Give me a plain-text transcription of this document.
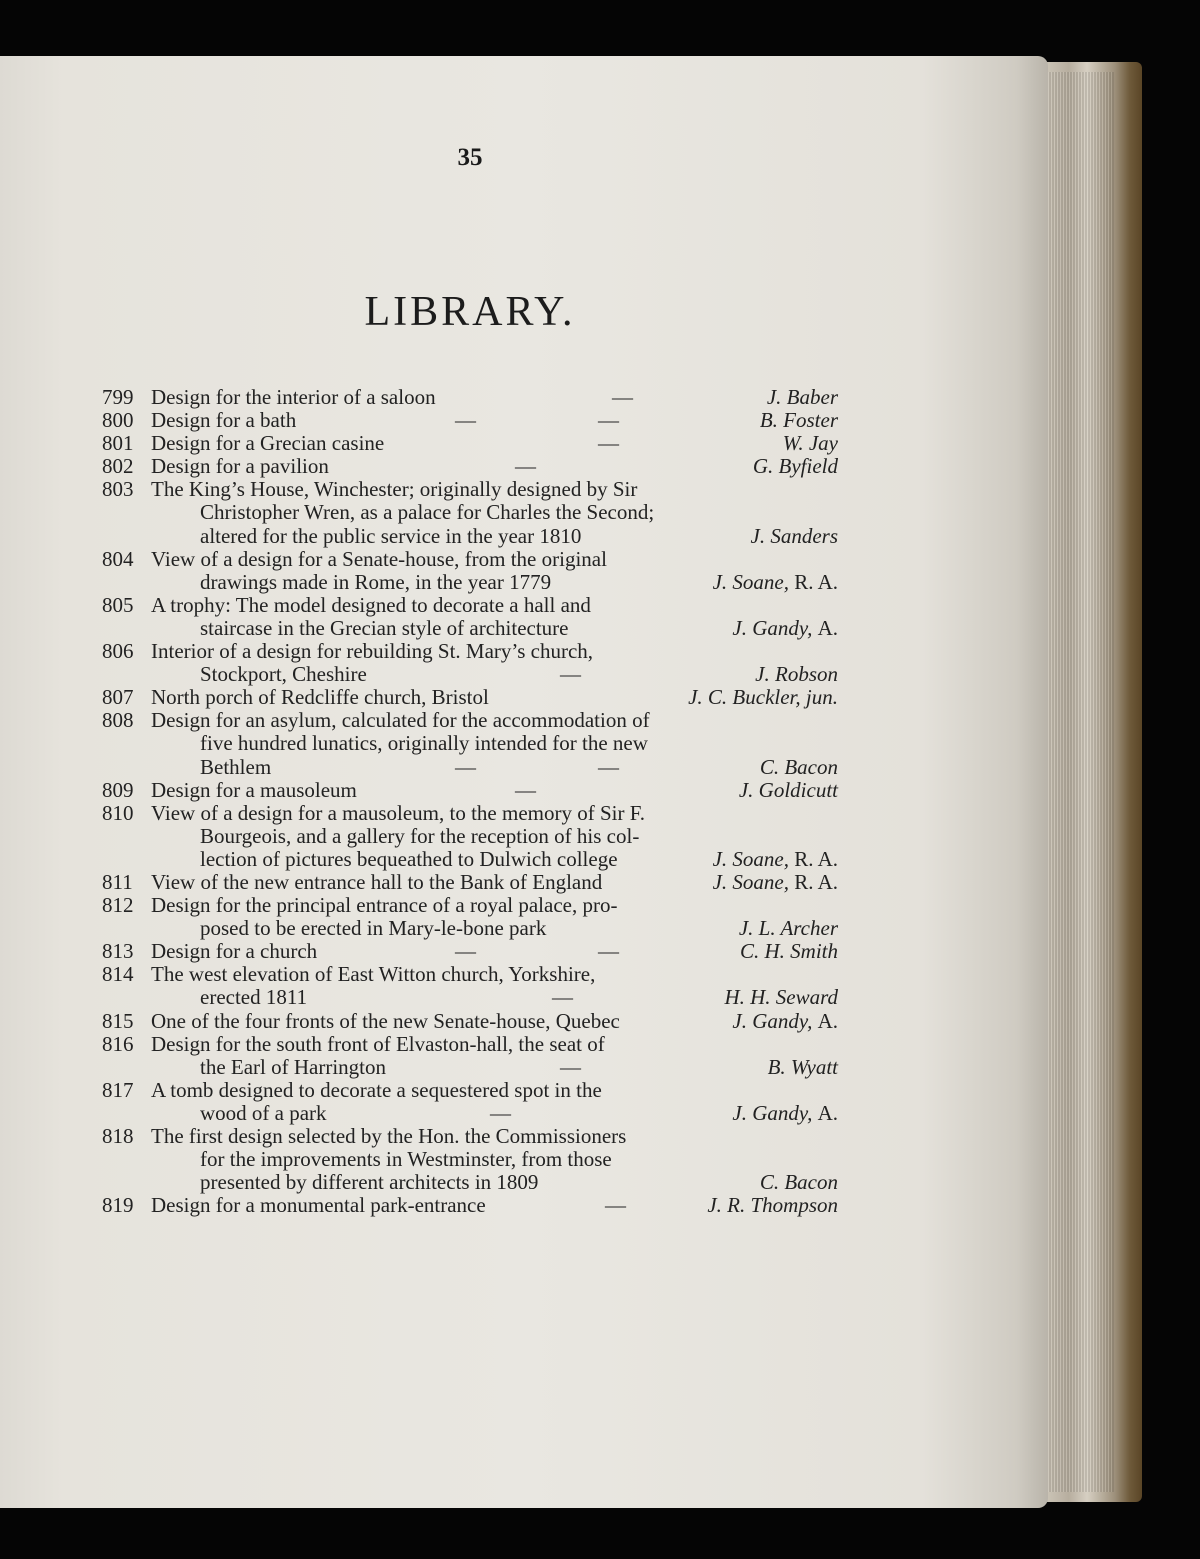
35
LIBRARY.
799 Design for the interior of a saloon	—	J. Baber
800 Design for a bath	—	—	B. Foster
801 Design for a Grecian casine	—	W. Jay
802 Design for a pavilion	—	G. Byfield
803 The King’s House, Winchester; originally designed by Sir
Christopher Wren, as a palace for Charles the Second;
altered for the public service in the year 1810	J. Sanders
804 View of a design for a Senate-house, from the original
drawings made in Rome, in the year 1779	J. Soane, R. A.
805 A trophy: The model designed to decorate a hall and
staircase in the Grecian style of architecture	J. Gandy, A.
806 Interior of a design for rebuilding St. Mary’s church,
Stockport, Cheshire	—	J. Robson
807 North porch of Redcliffe church, Bristol	J. C. Buckler, jun.
808 Design for an asylum, calculated for the accommodation of
five hundred lunatics, originally intended for the new
Bethlem	—	—	C. Bacon
809 Design for a mausoleum	—	J. Goldicutt
810 View of a design for a mausoleum, to the memory of Sir F.
Bourgeois, and a gallery for the reception of his col-
lection of pictures bequeathed to Dulwich college	J. Soane, R. A.
811 View of the new entrance hall to the Bank of England	J. Soane, R. A.
812 Design for the principal entrance of a royal palace, pro-
posed to be erected in Mary-le-bone park	J. L. Archer
813 Design for a church	—	—	C. H. Smith
814 The west elevation of East Witton church, Yorkshire,
erected 1811	—	H. H. Seward
815 One of the four fronts of the new Senate-house, Quebec	J. Gandy, A.
816 Design for the south front of Elvaston-hall, the seat of
the Earl of Harrington	—	B. Wyatt
817 A tomb designed to decorate a sequestered spot in the
wood of a park	—	J. Gandy, A.
818 The first design selected by the Hon. the Commissioners
for the improvements in Westminster, from those
presented by different architects in 1809	C. Bacon
819 Design for a monumental park-entrance	—	J. R. Thompson
